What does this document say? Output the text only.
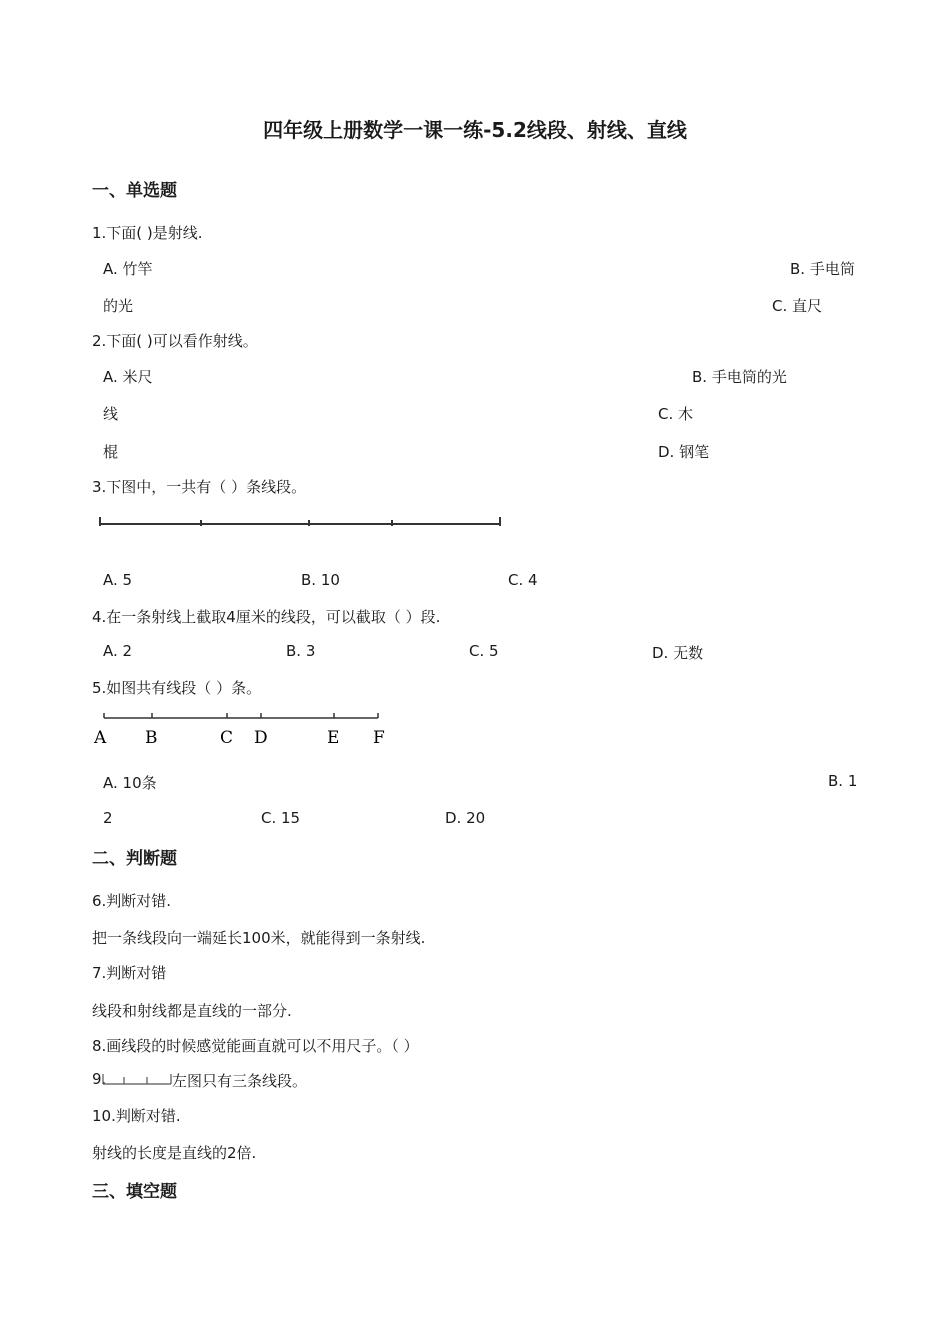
四年级上册数学一课一练-5.2线段、射线、直线
一、单选题
1.下面( )是射线.
A. 竹竿	B. 手电筒
的光	C. 直尺
2.下面( )可以看作射线。
A. 米尺	B. 手电筒的光
线	C. 木
棍	D. 钢笔
3.下图中，一共有（ ）条线段。
A. 5	B. 10	C. 4
4.在一条射线上截取4厘米的线段，可以截取（ ）段.
A. 2	B. 3	C. 5	D. 无数
5.如图共有线段（ ）条。
A B	C D	E F
A. 10条	B. 1
2	C. 15	D. 20
二、判断题
6.判断对错.
把一条线段向一端延长100米，就能得到一条射线.
7.判断对错
线段和射线都是直线的一部分.
8.画线段的时候感觉能画直就可以不用尺子。（ ）
9.	左图只有三条线段。
10.判断对错.
射线的长度是直线的2倍.
三、填空题
